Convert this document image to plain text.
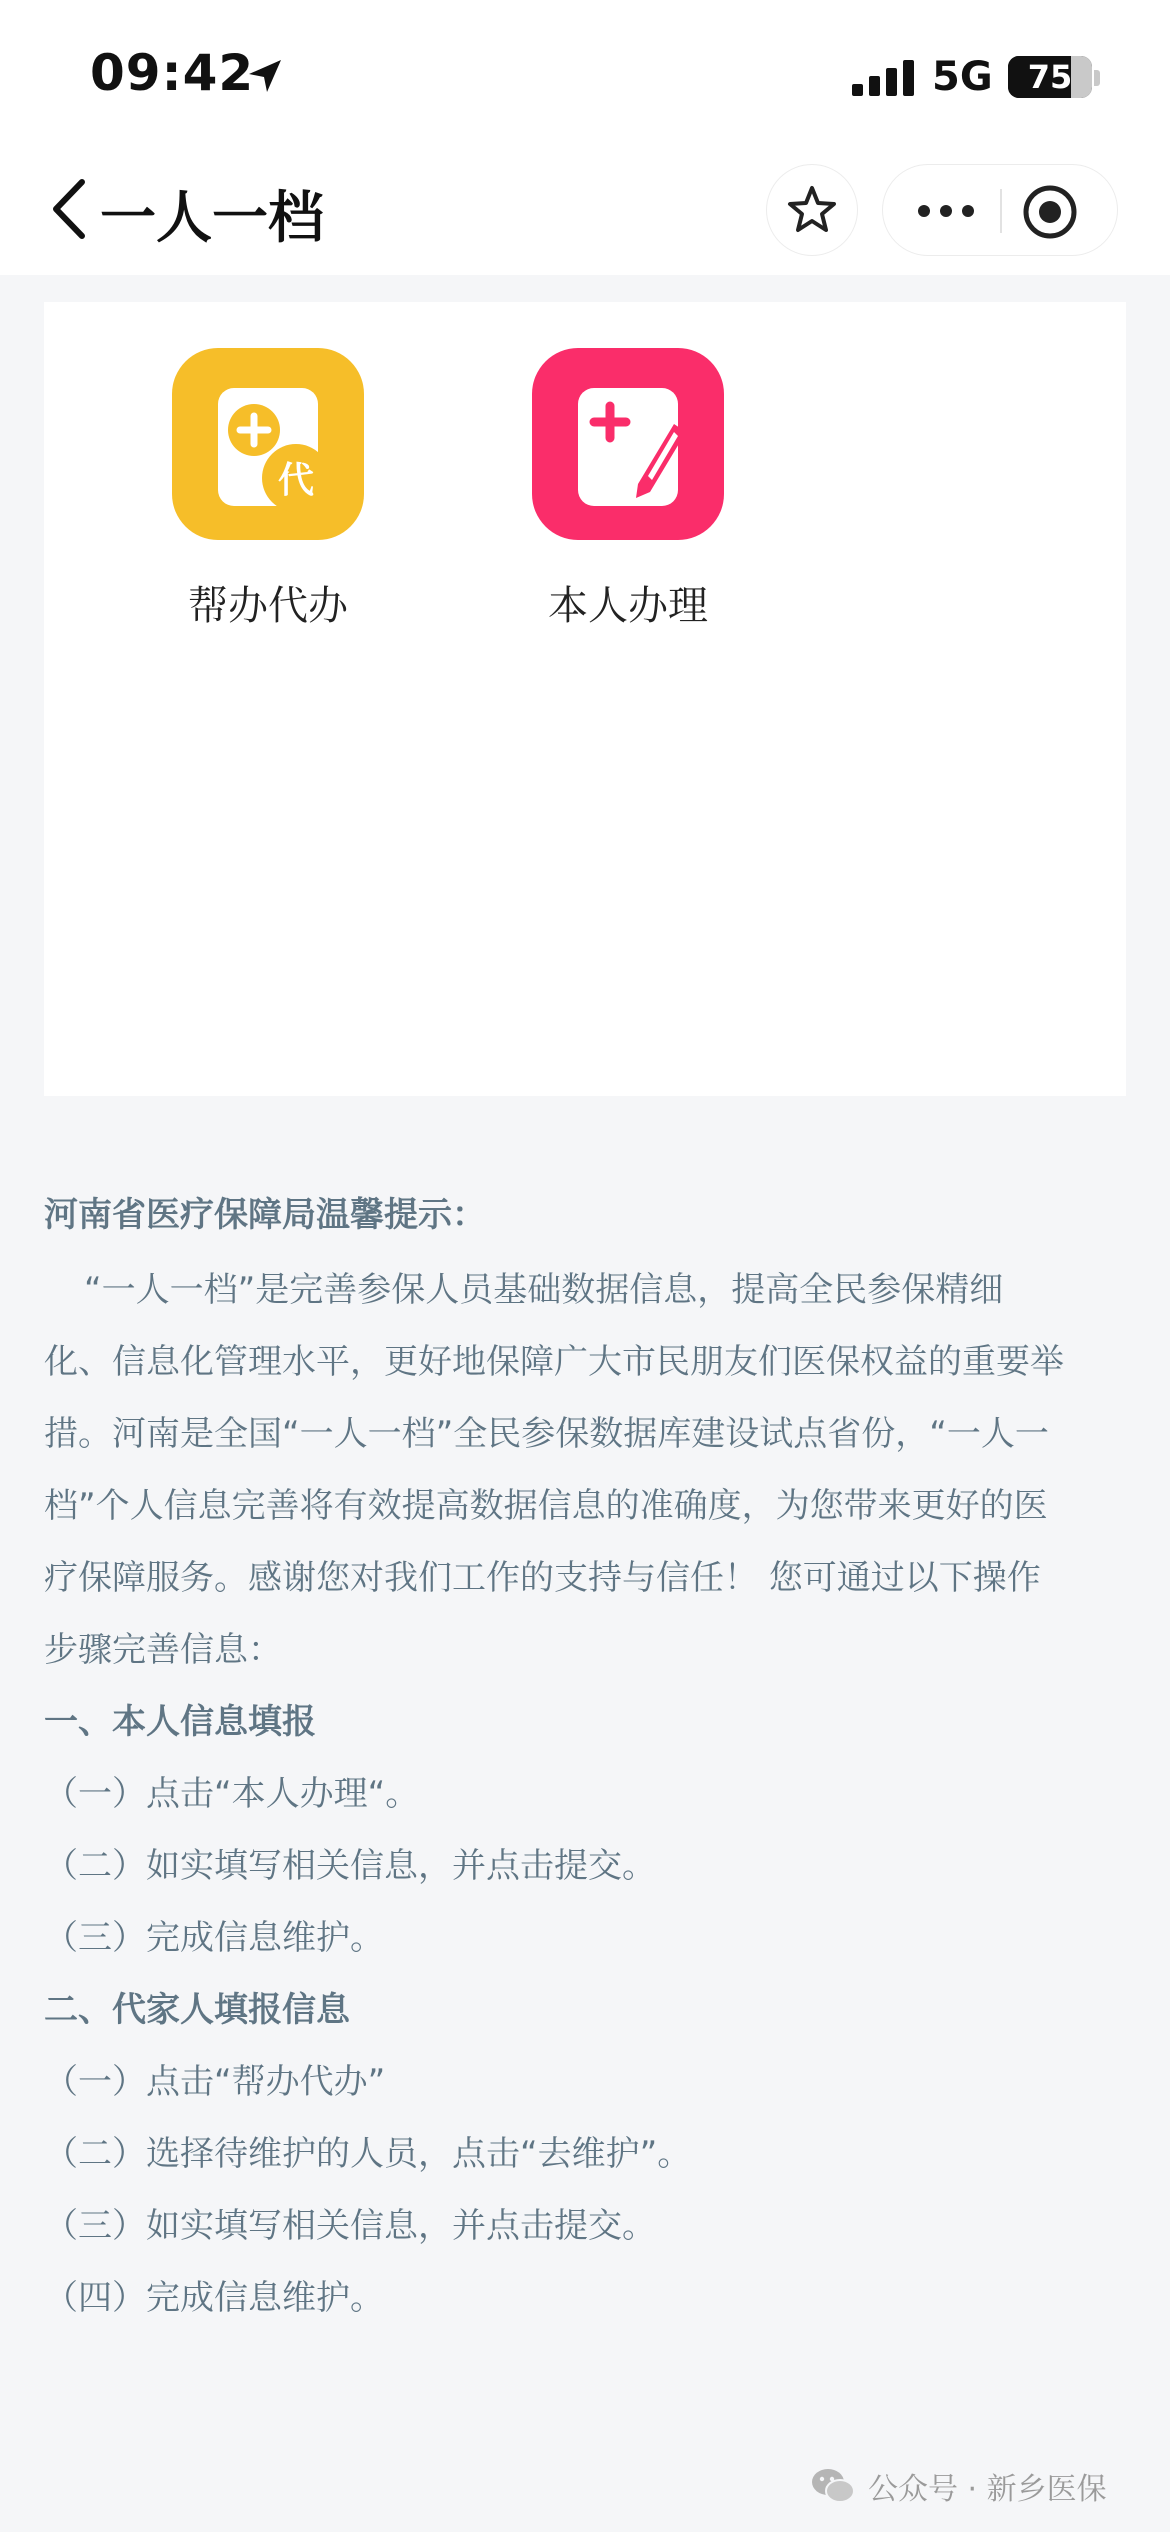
09:42	5G	75
一人一档
代
帮办代办	本人办理
河南省医疗保障局温馨提示：
“一人一档”是完善参保人员基础数据信息，提高全民参保精细
化、信息化管理水平，更好地保障广大市民朋友们医保权益的重要举
措。河南是全国“一人一档”全民参保数据库建设试点省份，“一人一
档”个人信息完善将有效提高数据信息的准确度，为您带来更好的医
疗保障服务。感谢您对我们工作的支持与信任！ 您可通过以下操作
步骤完善信息：
一、本人信息填报
（一）点击“本人办理“。
（二）如实填写相关信息，并点击提交。
（三）完成信息维护。
二、代家人填报信息
（一）点击“帮办代办”
（二）选择待维护的人员，点击“去维护”。
（三）如实填写相关信息，并点击提交。
（四）完成信息维护。
公众号 · 新乡医保
